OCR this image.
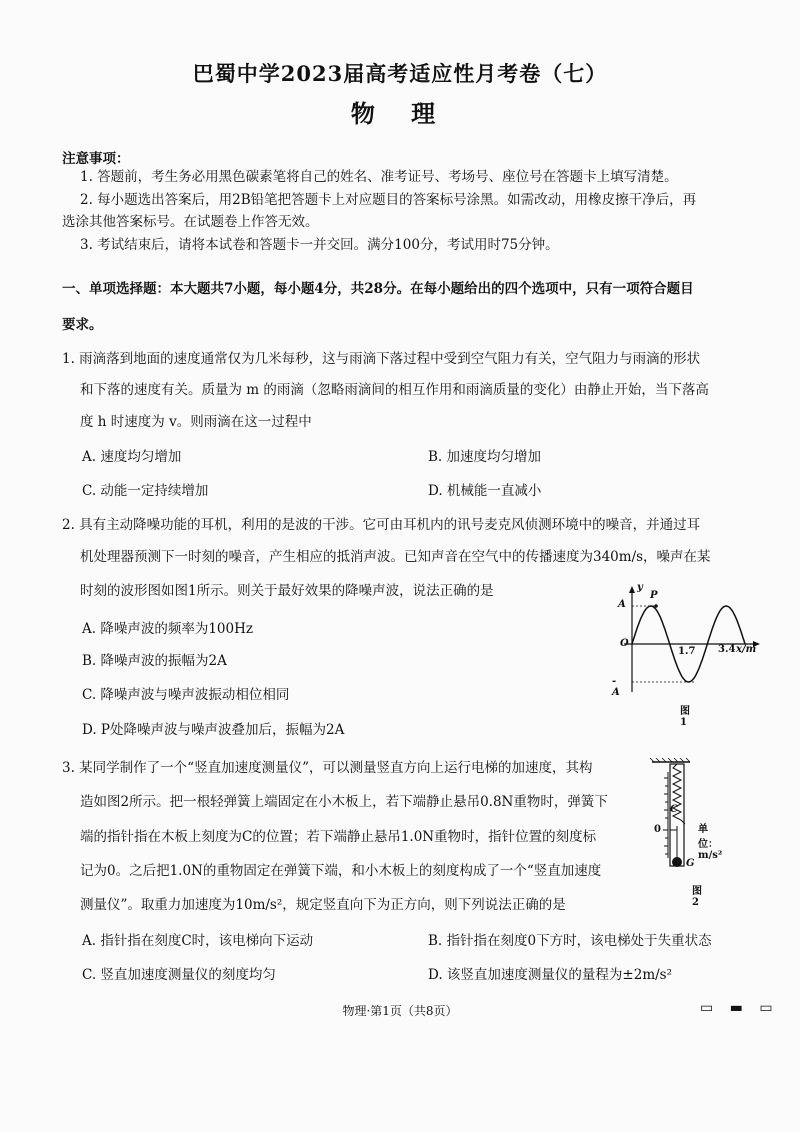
巴蜀中学2023届高考适应性月考卷（七）
物 理
注意事项：
1. 答题前，考生务必用黑色碳素笔将自己的姓名、准考证号、考场号、座位号在答题卡上填写清楚。
2. 每小题选出答案后，用2B铅笔把答题卡上对应题目的答案标号涂黑。如需改动，用橡皮擦干净后，再
选涂其他答案标号。在试题卷上作答无效。
3. 考试结束后，请将本试卷和答题卡一并交回。满分100分，考试用时75分钟。
一、单项选择题：本大题共7小题，每小题4分，共28分。在每小题给出的四个选项中，只有一项符合题目
要求。
1. 雨滴落到地面的速度通常仅为几米每秒，这与雨滴下落过程中受到空气阻力有关，空气阻力与雨滴的形状
和下落的速度有关。质量为 m 的雨滴（忽略雨滴间的相互作用和雨滴质量的变化）由静止开始，当下落高
度 h 时速度为 v。则雨滴在这一过程中
A. 速度均匀增加	B. 加速度均匀增加
C. 动能一定持续增加	D. 机械能一直减小
2. 具有主动降噪功能的耳机，利用的是波的干涉。它可由耳机内的讯号麦克风侦测环境中的噪音，并通过耳
机处理器预测下一时刻的噪音，产生相应的抵消声波。已知声音在空气中的传播速度为340m/s，噪声在某
时刻的波形图如图1所示。则关于最好效果的降噪声波，说法正确的是
A. 降噪声波的频率为100Hz
B. 降噪声波的振幅为2A
C. 降噪声波与噪声波振动相位相同
D. P处降噪声波与噪声波叠加后，振幅为2A
y
A
P
O
1.7 3.4 x/m
-A
图1
3. 某同学制作了一个“竖直加速度测量仪”，可以测量竖直方向上运行电梯的加速度，其构
造如图2所示。把一根轻弹簧上端固定在小木板上，若下端静止悬吊0.8N重物时，弹簧下
端的指针指在木板上刻度为C的位置；若下端静止悬吊1.0N重物时，指针位置的刻度标
记为0。之后把1.0N的重物固定在弹簧下端，和小木板上的刻度构成了一个“竖直加速度
测量仪”。取重力加速度为10m/s²，规定竖直向下为正方向，则下列说法正确的是
A. 指针指在刻度C时，该电梯向下运动	B. 指针指在刻度0下方时，该电梯处于失重状态
C. 竖直加速度测量仪的刻度均匀	D. 该竖直加速度测量仪的量程为±2m/s²
C
0
G
单位：m/s²
图2
物理·第1页（共8页）	▭ ▬ ▭
